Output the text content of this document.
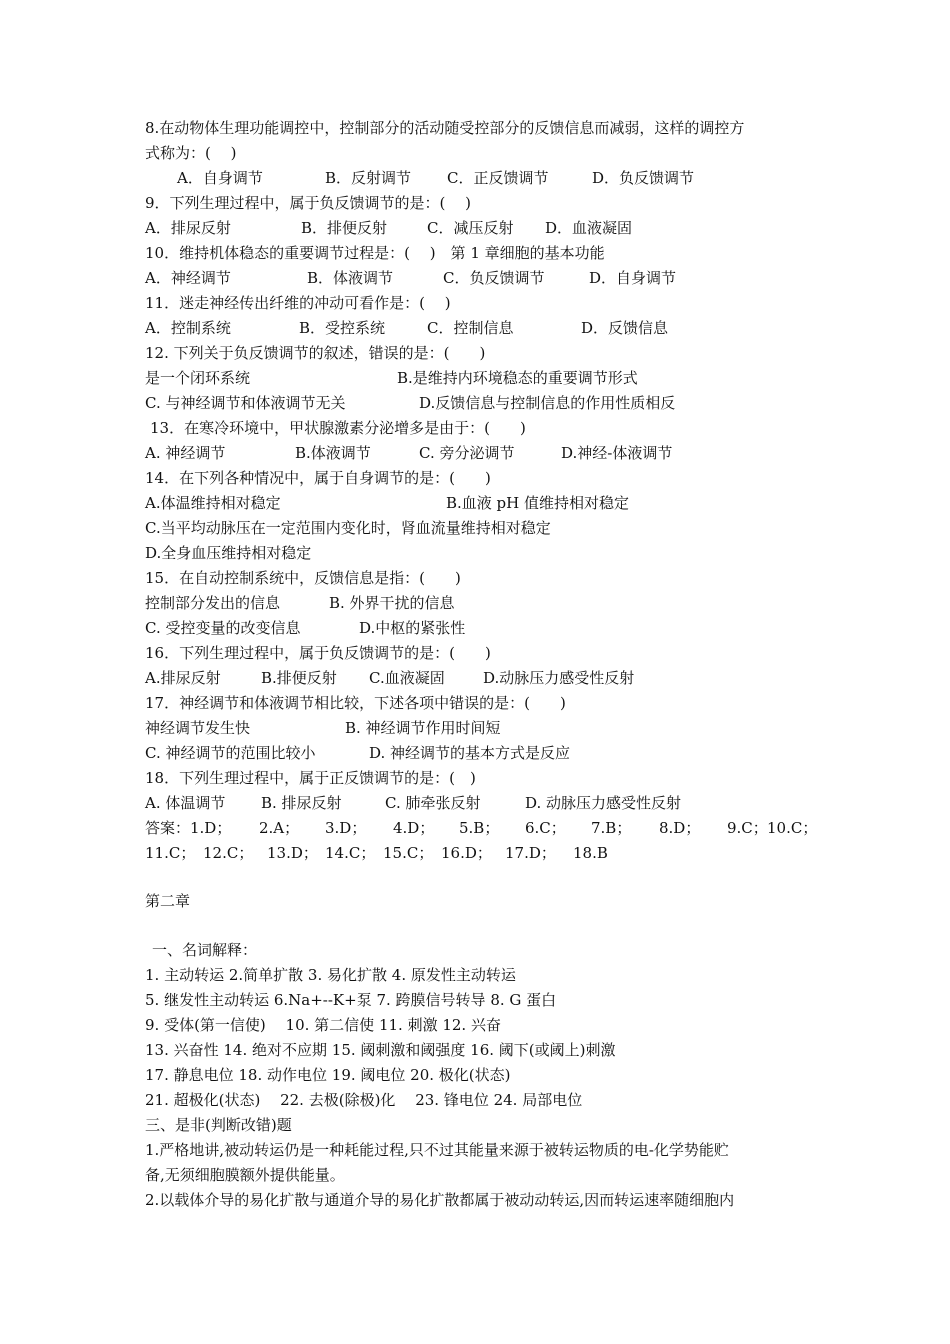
8.在动物体生理功能调控中，控制部分的活动随受控部分的反馈信息而减弱，这样的调控方
式称为：(　 )
A．自身调节	B．反射调节 C．正反馈调节	D．负反馈调节
9．下列生理过程中，属于负反馈调节的是：(　 )
A．排尿反射	B．排便反射	C．减压反射 D．血液凝固
10．维持机体稳态的重要调节过程是：(　 )　第 1 章细胞的基本功能
A．神经调节	B．体液调节	C．负反馈调节	D．自身调节
11．迷走神经传出纤维的冲动可看作是：(　 )
A．控制系统	B．受控系统	C．控制信息	D．反馈信息
12. 下列关于负反馈调节的叙述，错误的是：(　　)
是一个闭环系统	B.是维持内环境稳态的重要调节形式
C. 与神经调节和体液调节无关	D.反馈信息与控制信息的作用性质相反
13．在寒冷环境中，甲状腺激素分泌增多是由于：(　　)
A. 神经调节	B.体液调节	C. 旁分泌调节	D.神经-体液调节
14．在下列各种情况中，属于自身调节的是：(　　)
A.体温维持相对稳定	B.血液 pH 值维持相对稳定
C.当平均动脉压在一定范围内变化时，肾血流量维持相对稳定
D.全身血压维持相对稳定
15．在自动控制系统中，反馈信息是指：(　　)
控制部分发出的信息	B. 外界干扰的信息
C. 受控变量的改变信息	D.中枢的紧张性
16．下列生理过程中，属于负反馈调节的是：(　　)
A.排尿反射	B.排便反射 C.血液凝固	D.动脉压力感受性反射
17．神经调节和体液调节相比较，下述各项中错误的是：(　　)
神经调节发生快	B. 神经调节作用时间短
C. 神经调节的范围比较小	D. 神经调节的基本方式是反应
18．下列生理过程中，属于正反馈调节的是：(　)
A. 体温调节 B. 排尿反射	C. 肺牵张反射	D. 动脉压力感受性反射
答案：1.D； 2.A； 3.D； 4.D； 5.B； 6.C； 7.B； 8.D； 9.C； 10.C；
11.C； 12.C； 13.D； 14.C； 15.C； 16.D； 17.D； 18.B
第二章
一、名词解释：
1. 主动转运 2.简单扩散 3. 易化扩散 4. 原发性主动转运
5. 继发性主动转运 6.Na+--K+泵 7. 跨膜信号转导 8. G 蛋白
9. 受体(第一信使)　 10. 第二信使 11. 刺激 12. 兴奋
13. 兴奋性 14. 绝对不应期 15. 阈刺激和阈强度 16. 阈下(或阈上)刺激
17. 静息电位 18. 动作电位 19. 阈电位 20. 极化(状态)
21. 超极化(状态)　 22. 去极(除极)化　 23. 锋电位 24. 局部电位
三、是非(判断改错)题
1.严格地讲,被动转运仍是一种耗能过程,只不过其能量来源于被转运物质的电-化学势能贮
备,无须细胞膜额外提供能量。
2.以载体介导的易化扩散与通道介导的易化扩散都属于被动动转运,因而转运速率随细胞内
